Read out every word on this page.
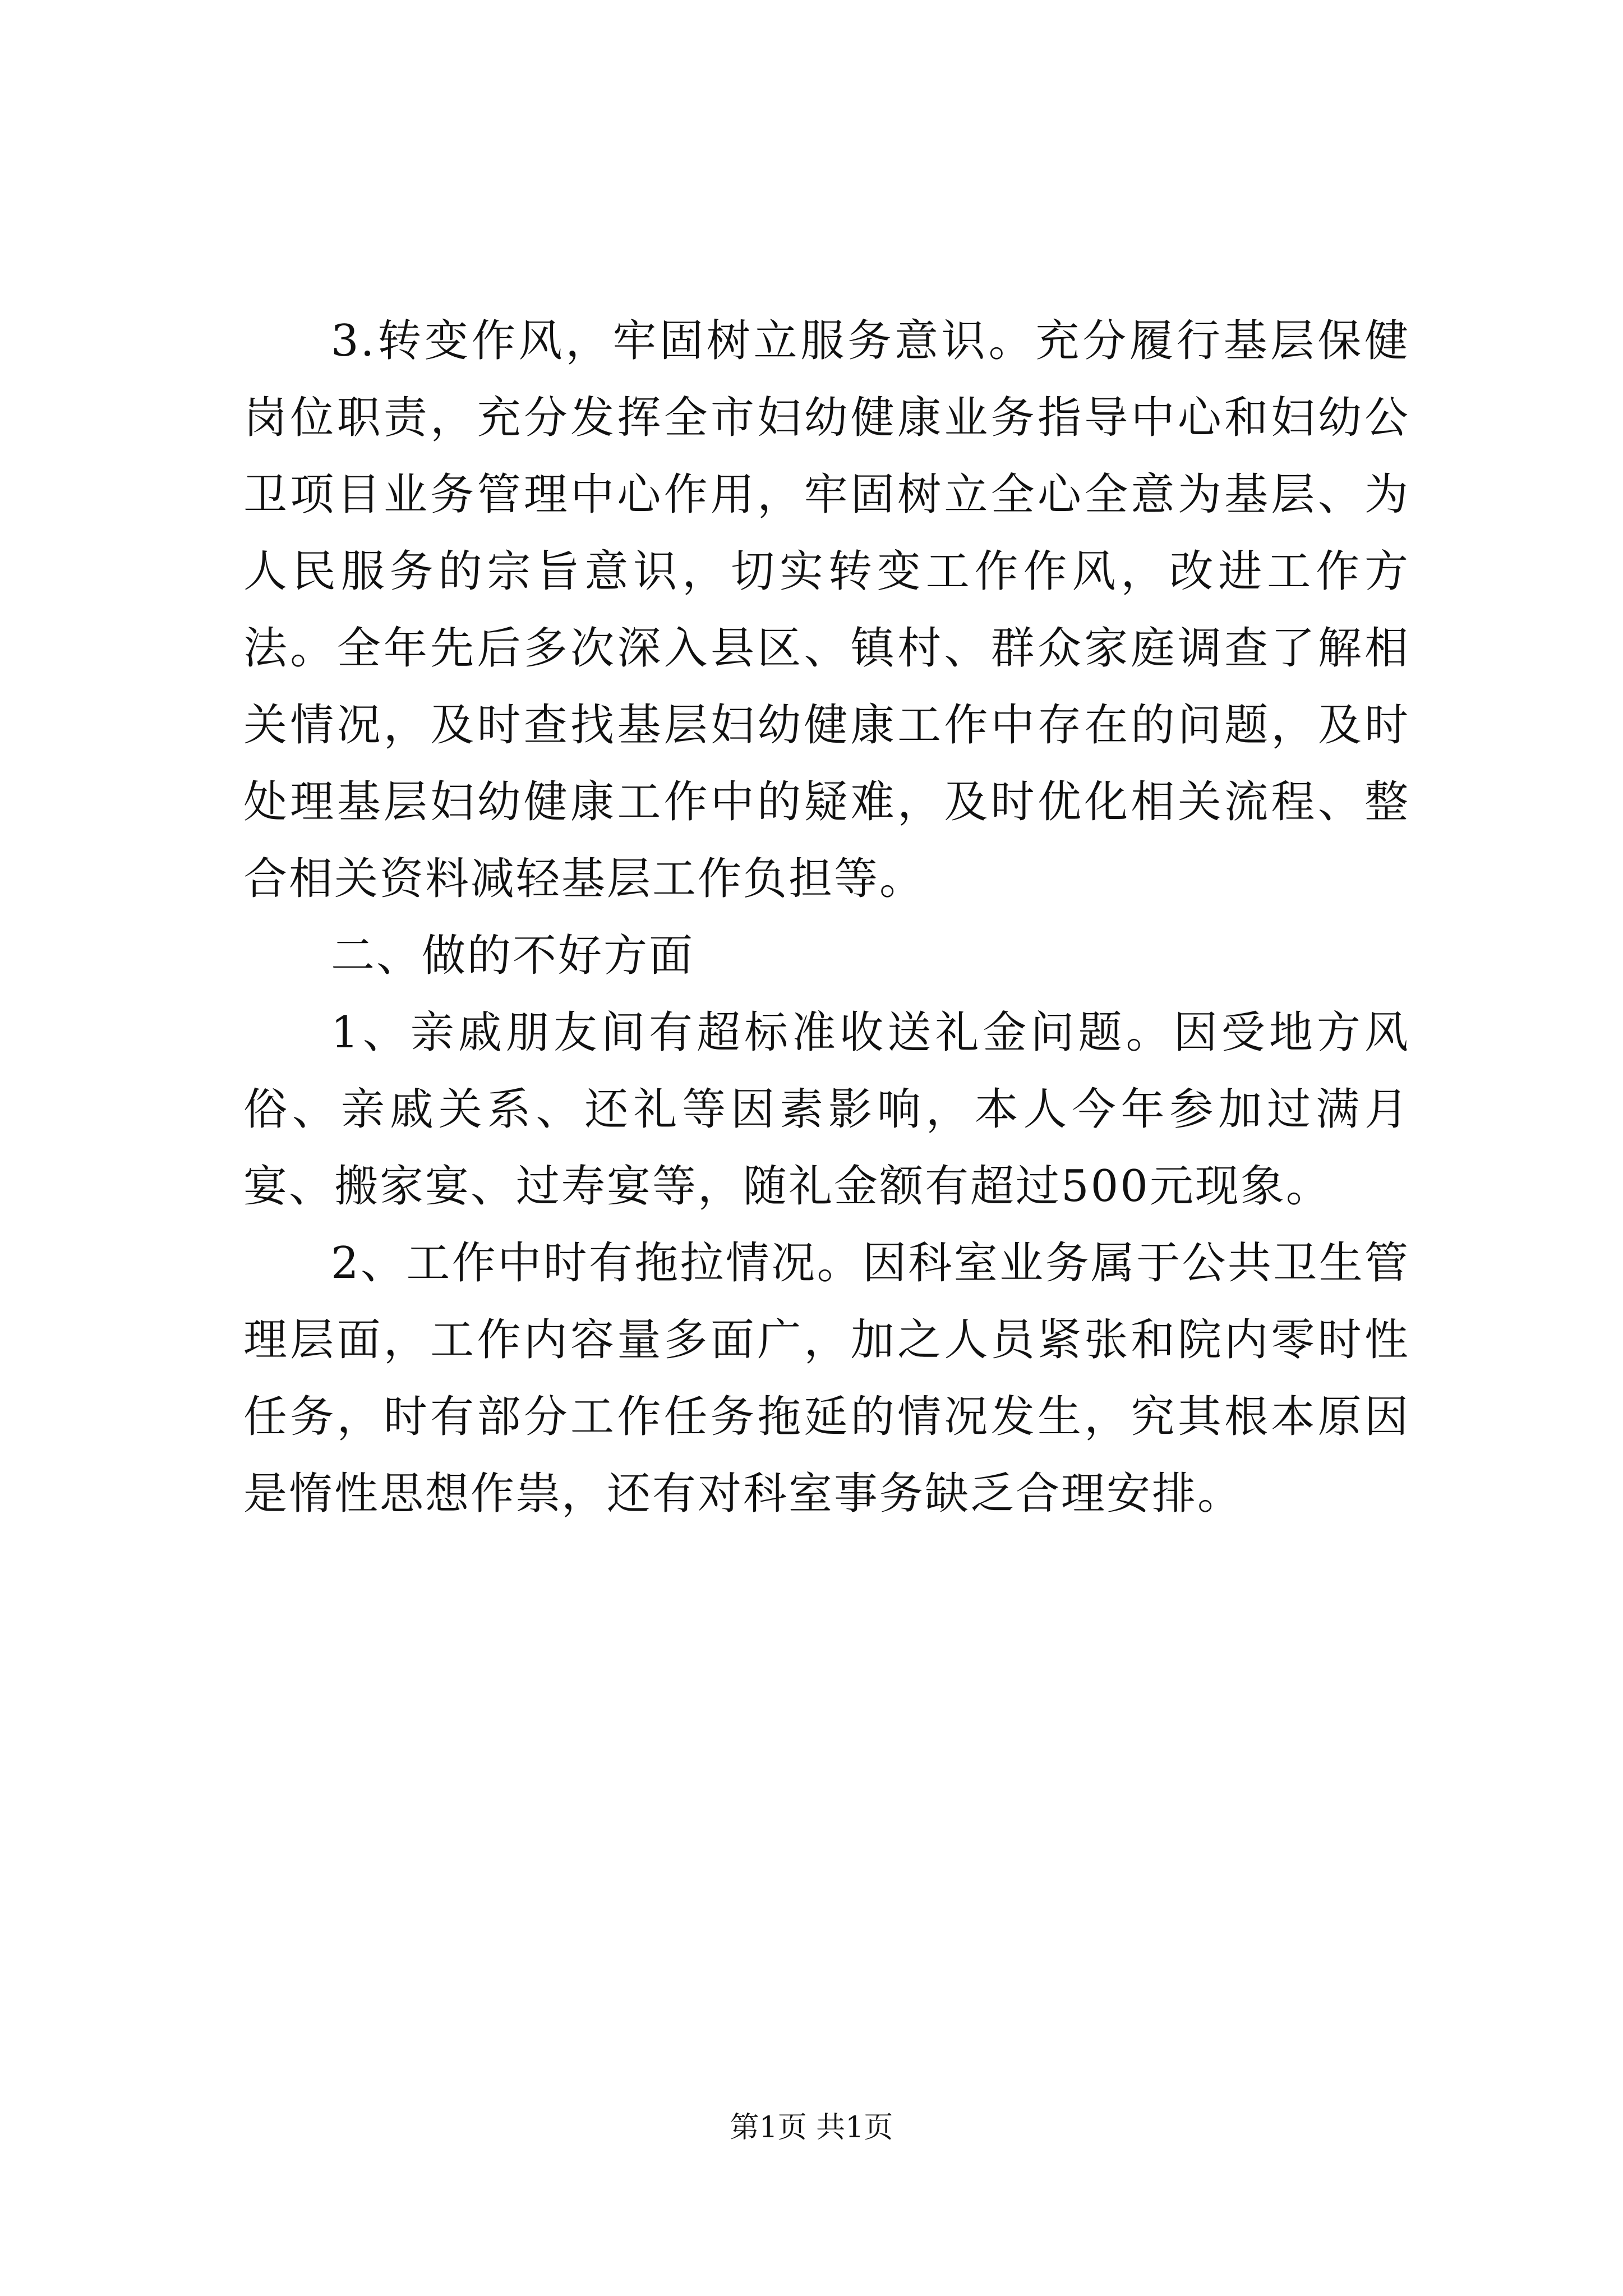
3.转变作风，牢固树立服务意识。充分履行基层保健岗位职责，充分发挥全市妇幼健康业务指导中心和妇幼公卫项目业务管理中心作用，牢固树立全心全意为基层、为人民服务的宗旨意识，切实转变工作作风，改进工作方法。全年先后多次深入县区、镇村、群众家庭调查了解相关情况，及时查找基层妇幼健康工作中存在的问题，及时处理基层妇幼健康工作中的疑难，及时优化相关流程、整合相关资料减轻基层工作负担等。

二、做的不好方面

1、亲戚朋友间有超标准收送礼金问题。因受地方风俗、亲戚关系、还礼等因素影响，本人今年参加过满月宴、搬家宴、过寿宴等，随礼金额有超过500元现象。

2、工作中时有拖拉情况。因科室业务属于公共卫生管理层面，工作内容量多面广，加之人员紧张和院内零时性任务，时有部分工作任务拖延的情况发生，究其根本原因是惰性思想作祟，还有对科室事务缺乏合理安排。

第1页 共1页
